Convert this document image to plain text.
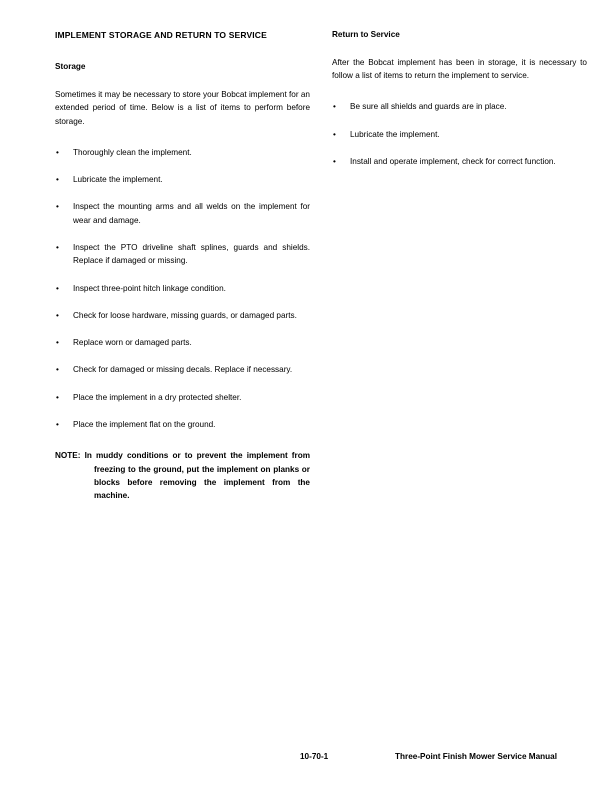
IMPLEMENT STORAGE AND RETURN TO SERVICE
Storage

Sometimes it may be necessary to store your Bobcat implement for an extended period of time. Below is a list of items to perform before storage.

• Thoroughly clean the implement.
• Lubricate the implement.
• Inspect the mounting arms and all welds on the implement for wear and damage.
• Inspect the PTO driveline shaft splines, guards and shields. Replace if damaged or missing.
• Inspect three-point hitch linkage condition.
• Check for loose hardware, missing guards, or damaged parts.
• Replace worn or damaged parts.
• Check for damaged or missing decals. Replace if necessary.
• Place the implement in a dry protected shelter.
• Place the implement flat on the ground.

NOTE: In muddy conditions or to prevent the implement from freezing to the ground, put the implement on planks or blocks before removing the implement from the machine.

Return to Service

After the Bobcat implement has been in storage, it is necessary to follow a list of items to return the implement to service.

• Be sure all shields and guards are in place.
• Lubricate the implement.
• Install and operate implement, check for correct function.
10-70-1	Three-Point Finish Mower Service Manual
